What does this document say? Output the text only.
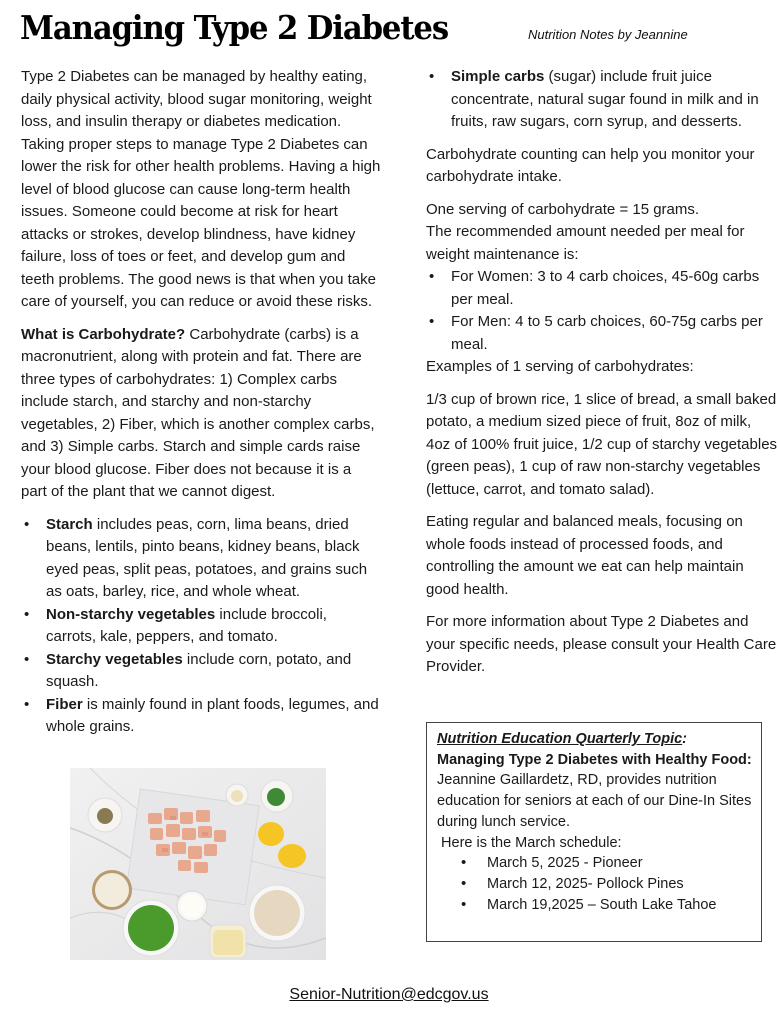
Managing Type 2 Diabetes	Nutrition Notes by Jeannine

Type 2 Diabetes can be managed by healthy eating, daily physical activity, blood sugar monitoring, weight loss, and insulin therapy or diabetes medication. Taking proper steps to manage Type 2 Diabetes can lower the risk for other health problems. Having a high level of blood glucose can cause long-term health issues. Someone could become at risk for heart attacks or strokes, develop blindness, have kidney failure, loss of toes or feet, and develop gum and teeth problems. The good news is that when you take care of yourself, you can reduce or avoid these risks.

What is Carbohydrate? Carbohydrate (carbs) is a macronutrient, along with protein and fat. There are three types of carbohydrates: 1) Complex carbs include starch, and starchy and non-starchy vegetables, 2) Fiber, which is another complex carbs, and 3) Simple carbs. Starch and simple cards raise your blood glucose. Fiber does not because it is a part of the plant that we cannot digest.

• Starch includes peas, corn, lima beans, dried beans, lentils, pinto beans, kidney beans, black eyed peas, split peas, potatoes, and grains such as oats, barley, rice, and whole wheat.
• Non-starchy vegetables include broccoli, carrots, kale, peppers, and tomato.
• Starchy vegetables include corn, potato, and squash.
• Fiber is mainly found in plant foods, legumes, and whole grains.
• Simple carbs (sugar) include fruit juice concentrate, natural sugar found in milk and in fruits, raw sugars, corn syrup, and desserts.

Carbohydrate counting can help you monitor your carbohydrate intake.

One serving of carbohydrate = 15 grams.
The recommended amount needed per meal for weight maintenance is:
• For Women: 3 to 4 carb choices, 45-60g carbs per meal.
• For Men: 4 to 5 carb choices, 60-75g carbs per meal.

Examples of 1 serving of carbohydrates:

1/3 cup of brown rice, 1 slice of bread, a small baked potato, a medium sized piece of fruit, 8oz of milk, 4oz of 100% fruit juice, 1/2 cup of starchy vegetables (green peas), 1 cup of raw non-starchy vegetables (lettuce, carrot, and tomato salad).

Eating regular and balanced meals, focusing on whole foods instead of processed foods, and controlling the amount we eat can help maintain good health.

For more information about Type 2 Diabetes and your specific needs, please consult your Health Care Provider.

Nutrition Education Quarterly Topic:
Managing Type 2 Diabetes with Healthy Food:
Jeannine Gaillardetz, RD, provides nutrition education for seniors at each of our Dine-In Sites during lunch service.
Here is the March schedule:
• March 5, 2025 - Pioneer
• March 12, 2025- Pollock Pines
• March 19,2025 – South Lake Tahoe
Senior-Nutrition@edcgov.us
